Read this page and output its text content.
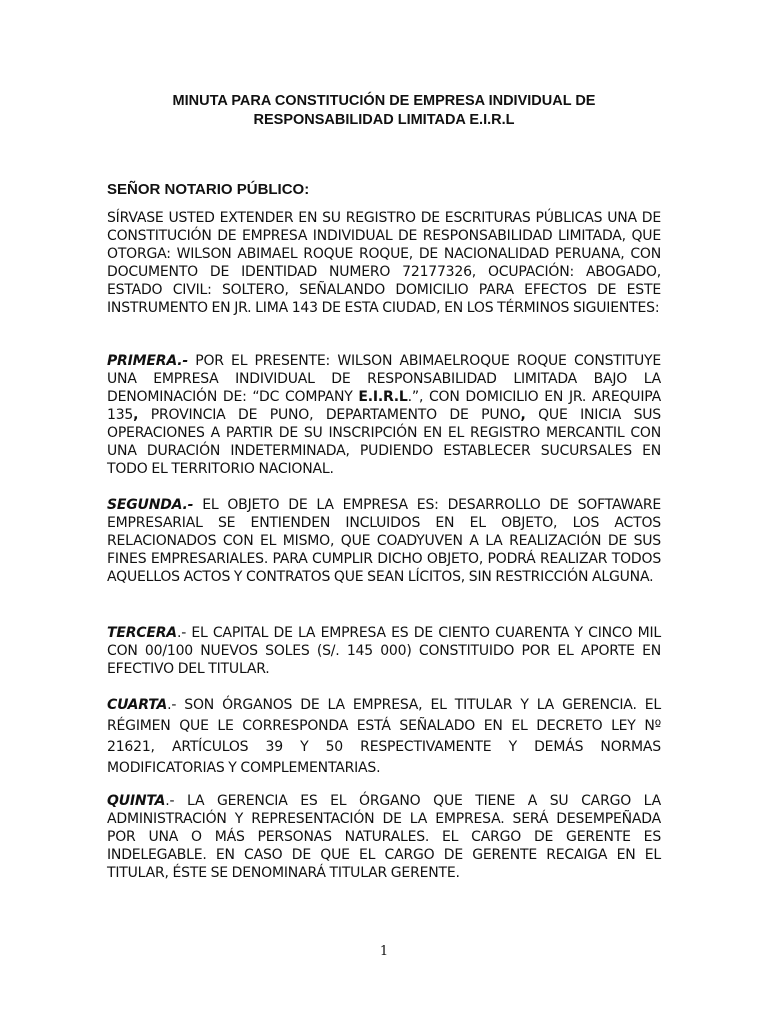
MINUTA PARA CONSTITUCIÓN DE EMPRESA INDIVIDUAL DE
RESPONSABILIDAD LIMITADA E.I.R.L
SEÑOR NOTARIO PÚBLICO:

SÍRVASE USTED EXTENDER EN SU REGISTRO DE ESCRITURAS PÚBLICAS UNA DE CONSTITUCIÓN DE EMPRESA INDIVIDUAL DE RESPONSABILIDAD LIMITADA, QUE OTORGA: WILSON ABIMAEL ROQUE ROQUE, DE NACIONALIDAD PERUANA, CON DOCUMENTO DE IDENTIDAD NUMERO 72177326, OCUPACIÓN: ABOGADO, ESTADO CIVIL: SOLTERO, SEÑALANDO DOMICILIO PARA EFECTOS DE ESTE INSTRUMENTO EN JR. LIMA 143 DE ESTA CIUDAD, EN LOS TÉRMINOS SIGUIENTES:

PRIMERA.- POR EL PRESENTE: WILSON ABIMAELROQUE ROQUE CONSTITUYE UNA EMPRESA INDIVIDUAL DE RESPONSABILIDAD LIMITADA BAJO LA DENOMINACIÓN DE: “DC COMPANY E.I.R.L.”, CON DOMICILIO EN JR. AREQUIPA 135, PROVINCIA DE PUNO, DEPARTAMENTO DE PUNO, QUE INICIA SUS OPERACIONES A PARTIR DE SU INSCRIPCIÓN EN EL REGISTRO MERCANTIL CON UNA DURACIÓN INDETERMINADA, PUDIENDO ESTABLECER SUCURSALES EN TODO EL TERRITORIO NACIONAL.

SEGUNDA.- EL OBJETO DE LA EMPRESA ES: DESARROLLO DE SOFTAWARE EMPRESARIAL SE ENTIENDEN INCLUIDOS EN EL OBJETO, LOS ACTOS RELACIONADOS CON EL MISMO, QUE COADYUVEN A LA REALIZACIÓN DE SUS FINES EMPRESARIALES. PARA CUMPLIR DICHO OBJETO, PODRÁ REALIZAR TODOS AQUELLOS ACTOS Y CONTRATOS QUE SEAN LÍCITOS, SIN RESTRICCIÓN ALGUNA.

TERCERA.- EL CAPITAL DE LA EMPRESA ES DE CIENTO CUARENTA Y CINCO MIL CON 00/100 NUEVOS SOLES (S/. 145 000) CONSTITUIDO POR EL APORTE EN EFECTIVO DEL TITULAR.

CUARTA.- SON ÓRGANOS DE LA EMPRESA, EL TITULAR Y LA GERENCIA. EL RÉGIMEN QUE LE CORRESPONDA ESTÁ SEÑALADO EN EL DECRETO LEY Nº 21621, ARTÍCULOS 39 Y 50 RESPECTIVAMENTE Y DEMÁS NORMAS MODIFICATORIAS Y COMPLEMENTARIAS.

QUINTA.- LA GERENCIA ES EL ÓRGANO QUE TIENE A SU CARGO LA ADMINISTRACIÓN Y REPRESENTACIÓN DE LA EMPRESA. SERÁ DESEMPEÑADA POR UNA O MÁS PERSONAS NATURALES. EL CARGO DE GERENTE ES INDELEGABLE. EN CASO DE QUE EL CARGO DE GERENTE RECAIGA EN EL TITULAR, ÉSTE SE DENOMINARÁ TITULAR GERENTE.

1
